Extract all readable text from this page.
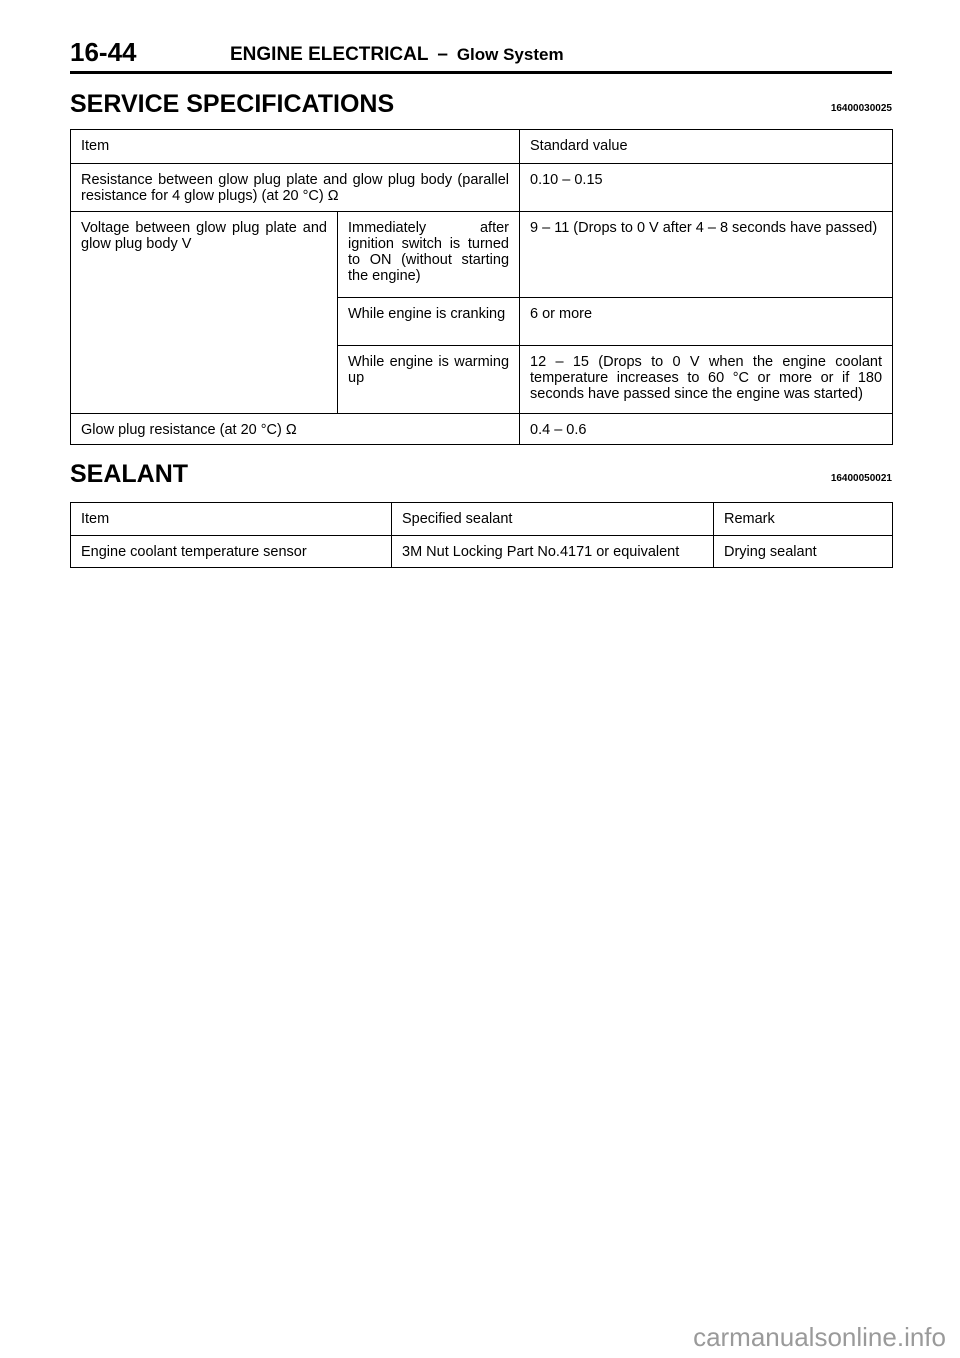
16-44	ENGINE ELECTRICAL – Glow System
SERVICE SPECIFICATIONS	16400030025
Item		Standard value
Resistance between glow plug plate and glow plug body (parallel resistance for 4 glow plugs) (at 20 °C) Ω		0.10 – 0.15
Voltage between glow plug plate and glow plug body V	Immediately after ignition switch is turned to ON (without starting the engine)	9 – 11 (Drops to 0 V after 4 – 8 seconds have passed)
	While engine is cranking	6 or more
	While engine is warming up	12 – 15 (Drops to 0 V when the engine coolant temperature increases to 60 °C or more or if 180 seconds have passed since the engine was started)
Glow plug resistance (at 20 °C) Ω		0.4 – 0.6
SEALANT	16400050021
Item	Specified sealant	Remark
Engine coolant temperature sensor	3M Nut Locking Part No.4171 or equivalent	Drying sealant
carmanualsonline.info
